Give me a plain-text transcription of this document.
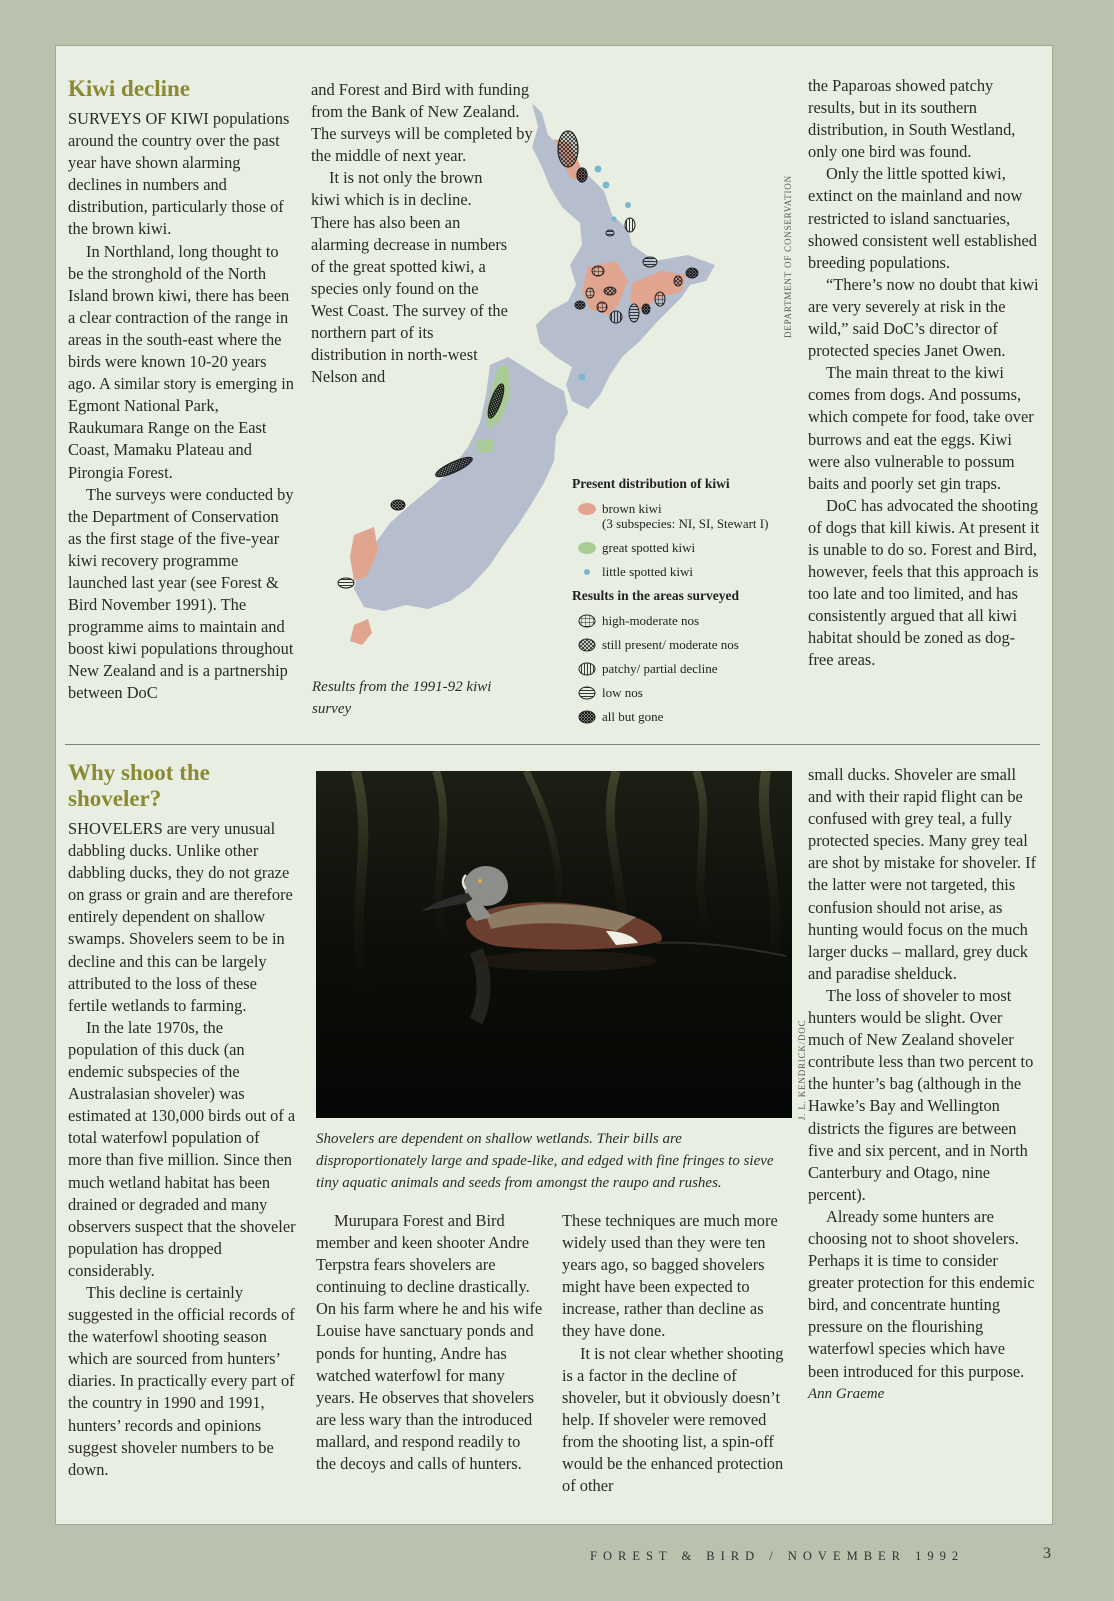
Kiwi decline

SURVEYS OF KIWI populations around the country over the past year have shown alarming declines in numbers and distribution, particularly those of the brown kiwi.

In Northland, long thought to be the stronghold of the North Island brown kiwi, there has been a clear contraction of the range in areas in the south-east where the birds were known 10-20 years ago. A similar story is emerging in Egmont National Park, Raukumara Range on the East Coast, Mamaku Plateau and Pirongia Forest.

The surveys were conducted by the Department of Conservation as the first stage of the five-year kiwi recovery programme launched last year (see Forest & Bird November 1991). The programme aims to maintain and boost kiwi populations throughout New Zealand and is a partnership between DoC

and Forest and Bird with funding from the Bank of New Zealand. The surveys will be completed by the middle of next year.

It is not only the brown kiwi which is in decline. There has also been an alarming decrease in numbers of the great spotted kiwi, a species only found on the West Coast. The survey of the northern part of its distribution in north-west Nelson and

Results from the 1991-92 kiwi survey
DEPARTMENT OF CONSERVATION
Present distribution of kiwi
brown kiwi
(3 subspecies: NI, SI, Stewart I)
great spotted kiwi
little spotted kiwi
Results in the areas surveyed
high-moderate nos
still present/ moderate nos
patchy/ partial decline
low nos
all but gone

the Paparoas showed patchy results, but in its southern distribution, in South Westland, only one bird was found.

Only the little spotted kiwi, extinct on the mainland and now restricted to island sanctuaries, showed consistent well established breeding populations.

“There’s now no doubt that kiwi are very severely at risk in the wild,” said DoC’s director of protected species Janet Owen.

The main threat to the kiwi comes from dogs. And possums, which compete for food, take over burrows and eat the eggs. Kiwi were also vulnerable to possum baits and poorly set gin traps.

DoC has advocated the shooting of dogs that kill kiwis. At present it is unable to do so. Forest and Bird, however, feels that this approach is too late and too limited, and has consistently argued that all kiwi habitat should be zoned as dog-free areas.

Why shoot the shoveler?

SHOVELERS are very unusual dabbling ducks. Unlike other dabbling ducks, they do not graze on grass or grain and are therefore entirely dependent on shallow swamps. Shovelers seem to be in decline and this can be largely attributed to the loss of these fertile wetlands to farming.

In the late 1970s, the population of this duck (an endemic subspecies of the Australasian shoveler) was estimated at 130,000 birds out of a total waterfowl population of more than five million. Since then much wetland habitat has been drained or degraded and many observers suspect that the shoveler population has dropped considerably.

This decline is certainly suggested in the official records of the waterfowl shooting season which are sourced from hunters’ diaries. In practically every part of the country in 1990 and 1991, hunters’ records and opinions suggest shoveler numbers to be down.

J. L. KENDRICK/DOC
Shovelers are dependent on shallow wetlands. Their bills are disproportionately large and spade-like, and edged with fine fringes to sieve tiny aquatic animals and seeds from amongst the raupo and rushes.

Murupara Forest and Bird member and keen shooter Andre Terpstra fears shovelers are continuing to decline drastically. On his farm where he and his wife Louise have sanctuary ponds and ponds for hunting, Andre has watched waterfowl for many years. He observes that shovelers are less wary than the introduced mallard, and respond readily to the decoys and calls of hunters.

These techniques are much more widely used than they were ten years ago, so bagged shovelers might have been expected to increase, rather than decline as they have done.

It is not clear whether shooting is a factor in the decline of shoveler, but it obviously doesn’t help. If shoveler were removed from the shooting list, a spin-off would be the enhanced protection of other

small ducks. Shoveler are small and with their rapid flight can be confused with grey teal, a fully protected species. Many grey teal are shot by mistake for shoveler. If the latter were not targeted, this confusion should not arise, as hunting would focus on the much larger ducks – mallard, grey duck and paradise shelduck.

The loss of shoveler to most hunters would be slight. Over much of New Zealand shoveler contribute less than two percent to the hunter’s bag (although in the Hawke’s Bay and Wellington districts the figures are between five and six percent, and in North Canterbury and Otago, nine percent).

Already some hunters are choosing not to shoot shovelers. Perhaps it is time to consider greater protection for this endemic bird, and concentrate hunting pressure on the flourishing waterfowl species which have been introduced for this purpose.

Ann Graeme

FOREST & BIRD / NOVEMBER 1992	3
